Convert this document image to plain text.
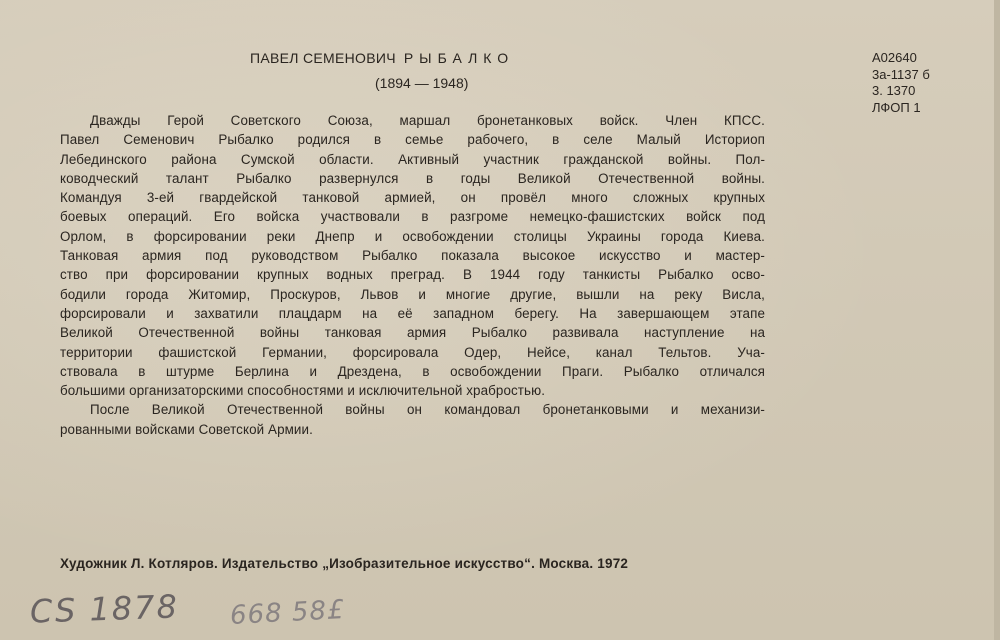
ПАВЕЛ СЕМЕНОВИЧ РЫБАЛКО
(1894 — 1948)
А02640
3а-1137 б
3. 1370
ЛФОП 1
Дважды Герой Советского Союза, маршал бронетанковых войск. Член КПСС.
Павел Семенович Рыбалко родился в семье рабочего, в селе Малый Историоп
Лебединского района Сумской области. Активный участник гражданской войны. Пол-
ководческий талант Рыбалко развернулся в годы Великой Отечественной войны.
Командуя 3-ей гвардейской танковой армией, он провёл много сложных крупных
боевых операций. Его войска участвовали в разгроме немецко-фашистских войск под
Орлом, в форсировании реки Днепр и освобождении столицы Украины города Киева.
Танковая армия под руководством Рыбалко показала высокое искусство и мастер-
ство при форсировании крупных водных преград. В 1944 году танкисты Рыбалко осво-
бодили города Житомир, Проскуров, Львов и многие другие, вышли на реку Висла,
форсировали и захватили плацдарм на её западном берегу. На завершающем этапе
Великой Отечественной войны танковая армия Рыбалко развивала наступление на
территории фашистской Германии, форсировала Одер, Нейсе, канал Тельтов. Уча-
ствовала в штурме Берлина и Дрездена, в освобождении Праги. Рыбалко отличался
большими организаторскими способностями и исключительной храбростью.
После Великой Отечественной войны он командовал бронетанковыми и механизи-
рованными войсками Советской Армии.
Художник Л. Котляров. Издательство „Изобразительное искусство“. Москва. 1972
CS 1878 668 58£
